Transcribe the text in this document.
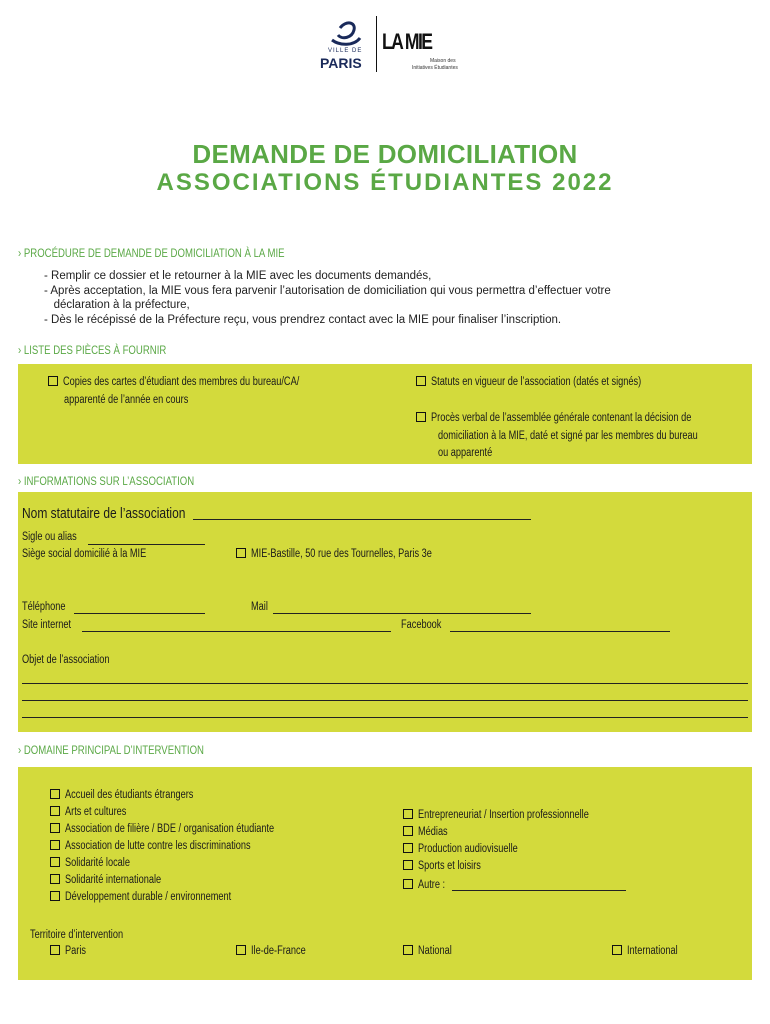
VILLE DE
PARIS
LA MIE
Maison des
Initiatives Étudiantes
DEMANDE DE DOMICILIATION
ASSOCIATIONS ÉTUDIANTES 2022
› PROCÉDURE DE DEMANDE DE DOMICILIATION À LA MIE
- Remplir ce dossier et le retourner à la MIE avec les documents demandés,
- Après acceptation, la MIE vous fera parvenir l’autorisation de domiciliation qui vous permettra d’effectuer votre
déclaration à la préfecture,
- Dès le récépissé de la Préfecture reçu, vous prendrez contact avec la MIE pour finaliser l’inscription.
› LISTE DES PIÈCES À FOURNIR
Copies des cartes d’étudiant des membres du bureau/CA/
apparenté de l’année en cours
Statuts en vigueur de l’association (datés et signés)
Procès verbal de l’assemblée générale contenant la décision de
domiciliation à la MIE, daté et signé par les membres du bureau
ou apparenté
› INFORMATIONS SUR L’ASSOCIATION
Nom statutaire de l’association
Sigle ou alias
Siège social domicilié à la MIE	MIE-Bastille, 50 rue des Tournelles, Paris 3e
Téléphone	Mail
Site internet	Facebook
Objet de l’association
› DOMAINE PRINCIPAL D’INTERVENTION
Accueil des étudiants étrangers
Arts et cultures
Association de filière / BDE / organisation étudiante
Association de lutte contre les discriminations
Solidarité locale
Solidarité internationale
Développement durable / environnement
Entrepreneuriat / Insertion professionnelle
Médias
Production audiovisuelle
Sports et loisirs
Autre :
Territoire d’intervention
Paris	Ile-de-France	National	International
